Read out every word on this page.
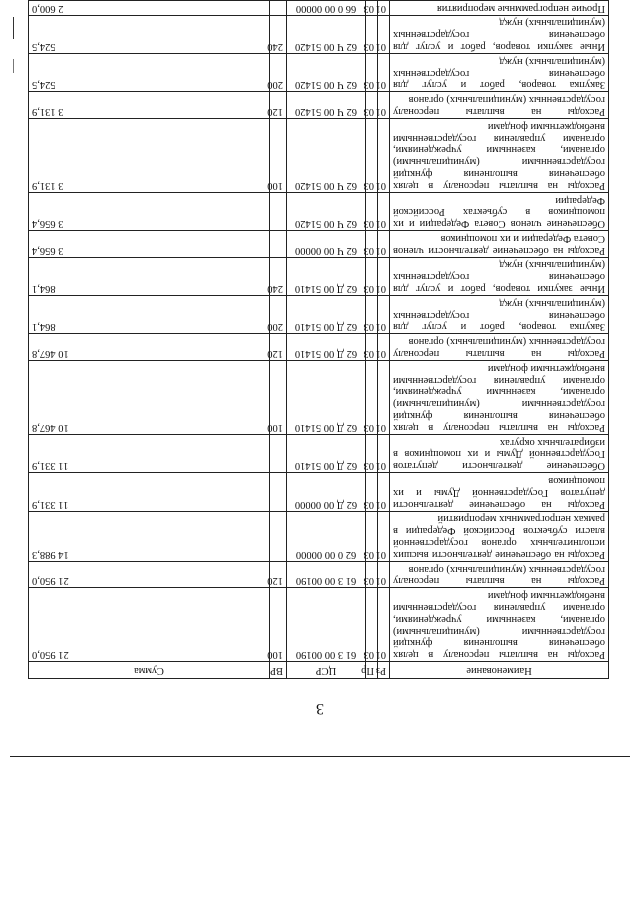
3
Наименование	Рз	Пр	ЦСР	ВР	Сумма
Расходы на выплаты персоналу в целях обеспечения выполнения функций государственными (муниципальными) органами, казенными учреждениями, органами управления государственными внебюджетными фондами	01	03	61 3 00 00190	100	21 950,0
Расходы на выплаты персоналу государственных (муниципальных) органов	01	03	61 3 00 00190	120	21 950,0
Расходы на обеспечение деятельности высших исполнительных органов государственной власти субъектов Российской Федерации в рамках непрограммных мероприятий	01	03	62 0 00 00000		14 988,3
Расходы на обеспечение деятельности депутатов Государственной Думы и их помощников	01	03	62 Д 00 00000		11 331,9
Обеспечение деятельности депутатов Государственной Думы и их помощников в избирательных округах	01	03	62 Д 00 51410		11 331,9
Расходы на выплаты персоналу в целях обеспечения выполнения функций государственными (муниципальными) органами, казенными учреждениями, органами управления государственными внебюджетными фондами	01	03	62 Д 00 51410	100	10 467,8
Расходы на выплаты персоналу государственных (муниципальных) органов	01	03	62 Д 00 51410	120	10 467,8
Закупка товаров, работ и услуг для обеспечения государственных (муниципальных) нужд	01	03	62 Д 00 51410	200	864,1
Иные закупки товаров, работ и услуг для обеспечения государственных (муниципальных) нужд	01	03	62 Д 00 51410	240	864,1
Расходы на обеспечение деятельности членов Совета Федерации и их помощников	01	03	62 Ч 00 00000		3 656,4
Обеспечение членов Совета Федерации и их помощников в субъектах Российской Федерации	01	03	62 Ч 00 51420		3 656,4
Расходы на выплаты персоналу в целях обеспечения выполнения функций государственными (муниципальными) органами, казенными учреждениями, органами управления государственными внебюджетными фондами	01	03	62 Ч 00 51420	100	3 131,9
Расходы на выплаты персоналу государственных (муниципальных) органов	01	03	62 Ч 00 51420	120	3 131,9
Закупка товаров, работ и услуг для обеспечения государственных (муниципальных) нужд	01	03	62 Ч 00 51420	200	524,5
Иные закупки товаров, работ и услуг для обеспечения государственных (муниципальных) нужд	01	03	62 Ч 00 51420	240	524,5
Прочие непрограммные мероприятия	01	03	66 0 00 00000		2 600,0
